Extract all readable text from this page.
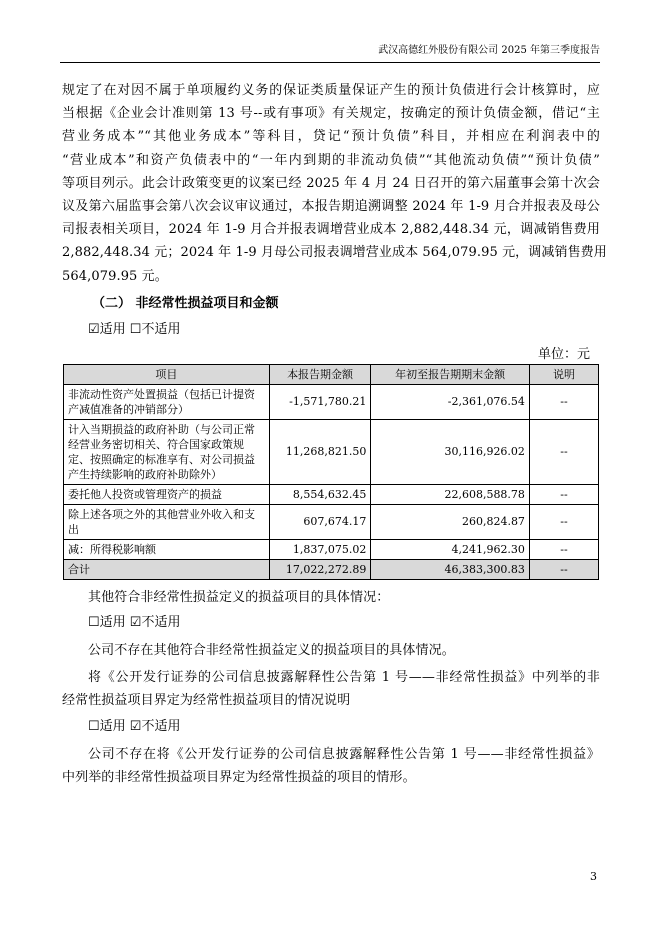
武汉高德红外股份有限公司 2025 年第三季度报告

规定了在对因不属于单项履约义务的保证类质量保证产生的预计负债进行会计核算时，应
当根据《企业会计准则第 13 号--或有事项》有关规定，按确定的预计负债金额，借记“主
营业务成本”“其他业务成本”等科目，贷记“预计负债”科目，并相应在利润表中的
“营业成本”和资产负债表中的“一年内到期的非流动负债”“其他流动负债”“预计负债”
等项目列示。此会计政策变更的议案已经 2025 年 4 月 24 日召开的第六届董事会第十次会
议及第六届监事会第八次会议审议通过，本报告期追溯调整 2024 年 1-9 月合并报表及母公
司报表相关项目，2024 年 1-9 月合并报表调增营业成本 2,882,448.34 元，调减销售费用
2,882,448.34 元；2024 年 1-9 月母公司报表调增营业成本 564,079.95 元，调减销售费用
564,079.95 元。

（二） 非经常性损益项目和金额

☑适用 ☐不适用

单位：元

项目	本报告期金额	年初至报告期期末金额	说明
非流动性资产处置损益（包括已计提资产减值准备的冲销部分）	-1,571,780.21	-2,361,076.54	--
计入当期损益的政府补助（与公司正常经营业务密切相关、符合国家政策规定、按照确定的标准享有、对公司损益产生持续影响的政府补助除外）	11,268,821.50	30,116,926.02	--
委托他人投资或管理资产的损益	8,554,632.45	22,608,588.78	--
除上述各项之外的其他营业外收入和支出	607,674.17	260,824.87	--
减：所得税影响额	1,837,075.02	4,241,962.30	--
合计	17,022,272.89	46,383,300.83	--

其他符合非经常性损益定义的损益项目的具体情况：

☐适用 ☑不适用

公司不存在其他符合非经常性损益定义的损益项目的具体情况。

将《公开发行证券的公司信息披露解释性公告第 1 号——非经常性损益》中列举的非
经常性损益项目界定为经常性损益项目的情况说明

☐适用 ☑不适用

公司不存在将《公开发行证券的公司信息披露解释性公告第 1 号——非经常性损益》
中列举的非经常性损益项目界定为经常性损益的项目的情形。

3
